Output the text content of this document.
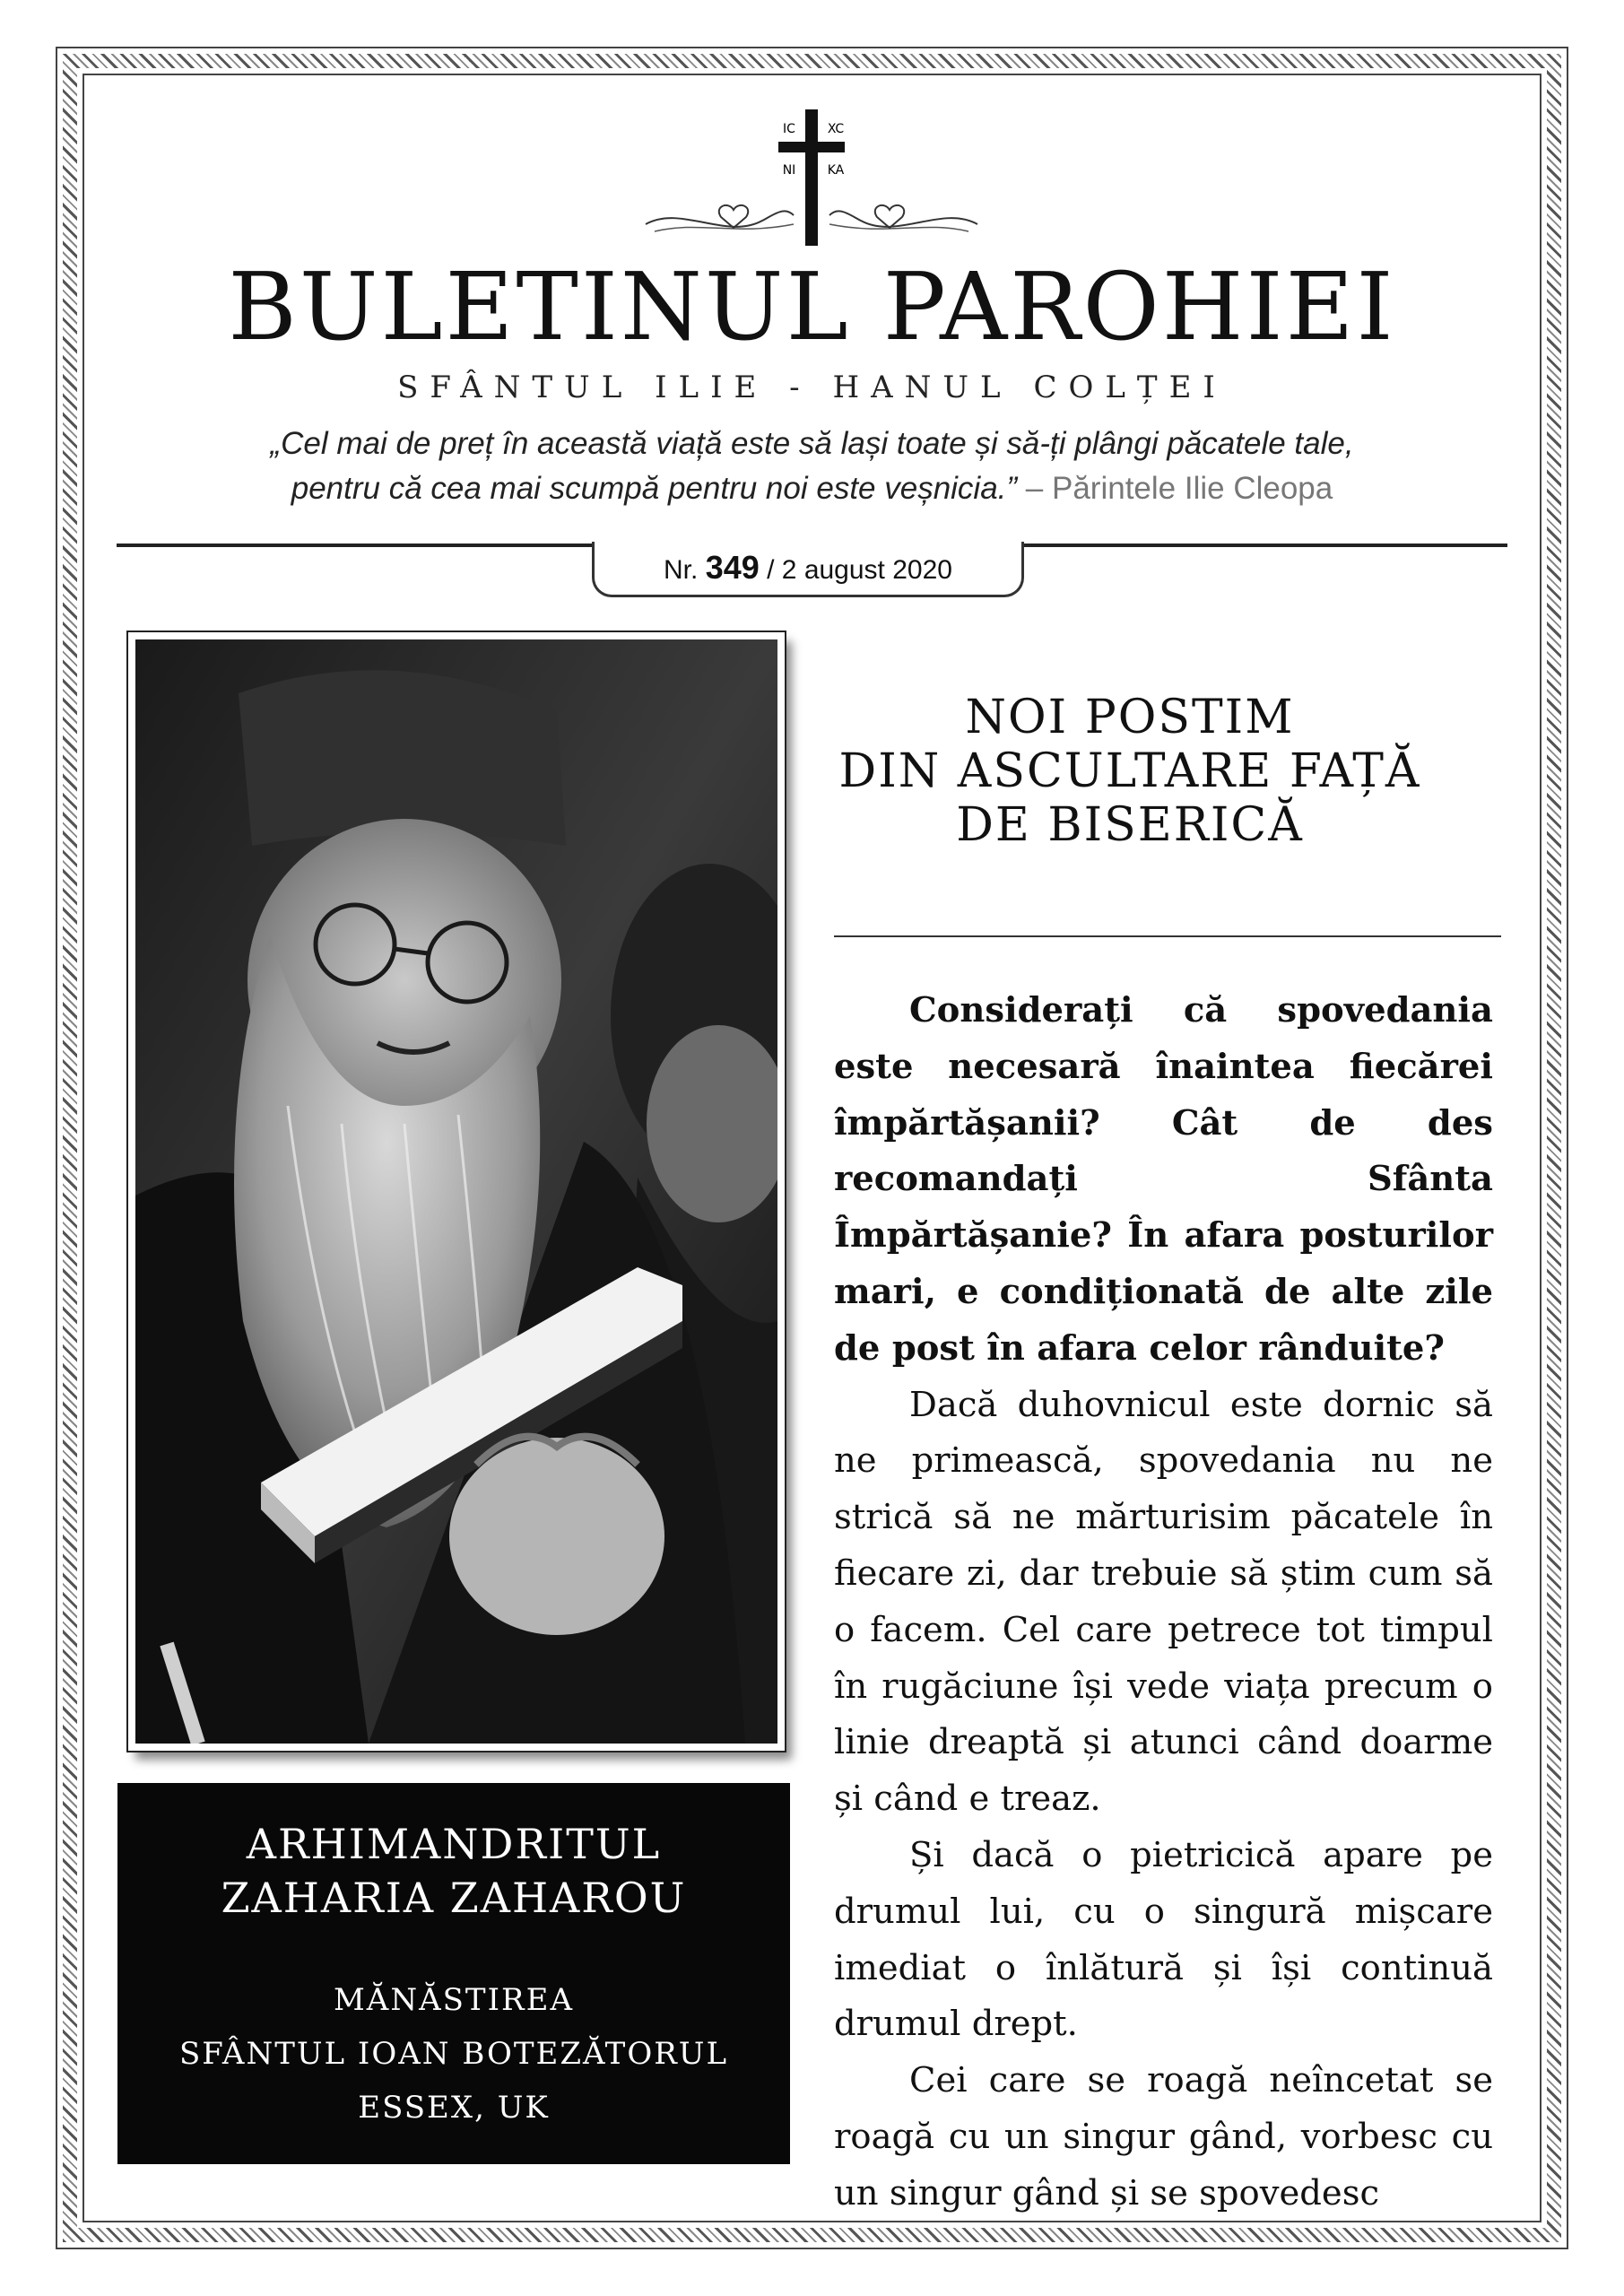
IC	XC
NI	KA
BULETINUL PAROHIEI
SFÂNTUL ILIE - HANUL COLȚEI
„Cel mai de preț în această viață este să lași toate și să-ți plângi păcatele tale,
pentru că cea mai scumpă pentru noi este veșnicia.” – Părintele Ilie Cleopa
Nr. 349 / 2 august 2020
ARHIMANDRITUL
ZAHARIA ZAHAROU
MĂNĂSTIREA
SFÂNTUL IOAN BOTEZĂTORUL
ESSEX, UK
NOI POSTIM
DIN ASCULTARE FAȚĂ
DE BISERICĂ

Considerați că spovedania este necesară înaintea fiecărei împărtășanii? Cât de des recomandați Sfânta Împărtășanie? În afara posturilor mari, e condiționată de alte zile de post în afara celor rânduite?

Dacă duhovnicul este dornic să ne primească, spovedania nu ne strică să ne mărturisim păcatele în fiecare zi, dar trebuie să știm cum să o facem. Cel care petrece tot timpul în rugăciune își vede viața precum o linie dreaptă și atunci când doarme și când e treaz.

Și dacă o pietricică apare pe drumul lui, cu o singură mișcare imediat o înlătură și își continuă drumul drept.

Cei care se roagă neîncetat se roagă cu un singur gând, vorbesc cu un singur gând și se spovedesc
